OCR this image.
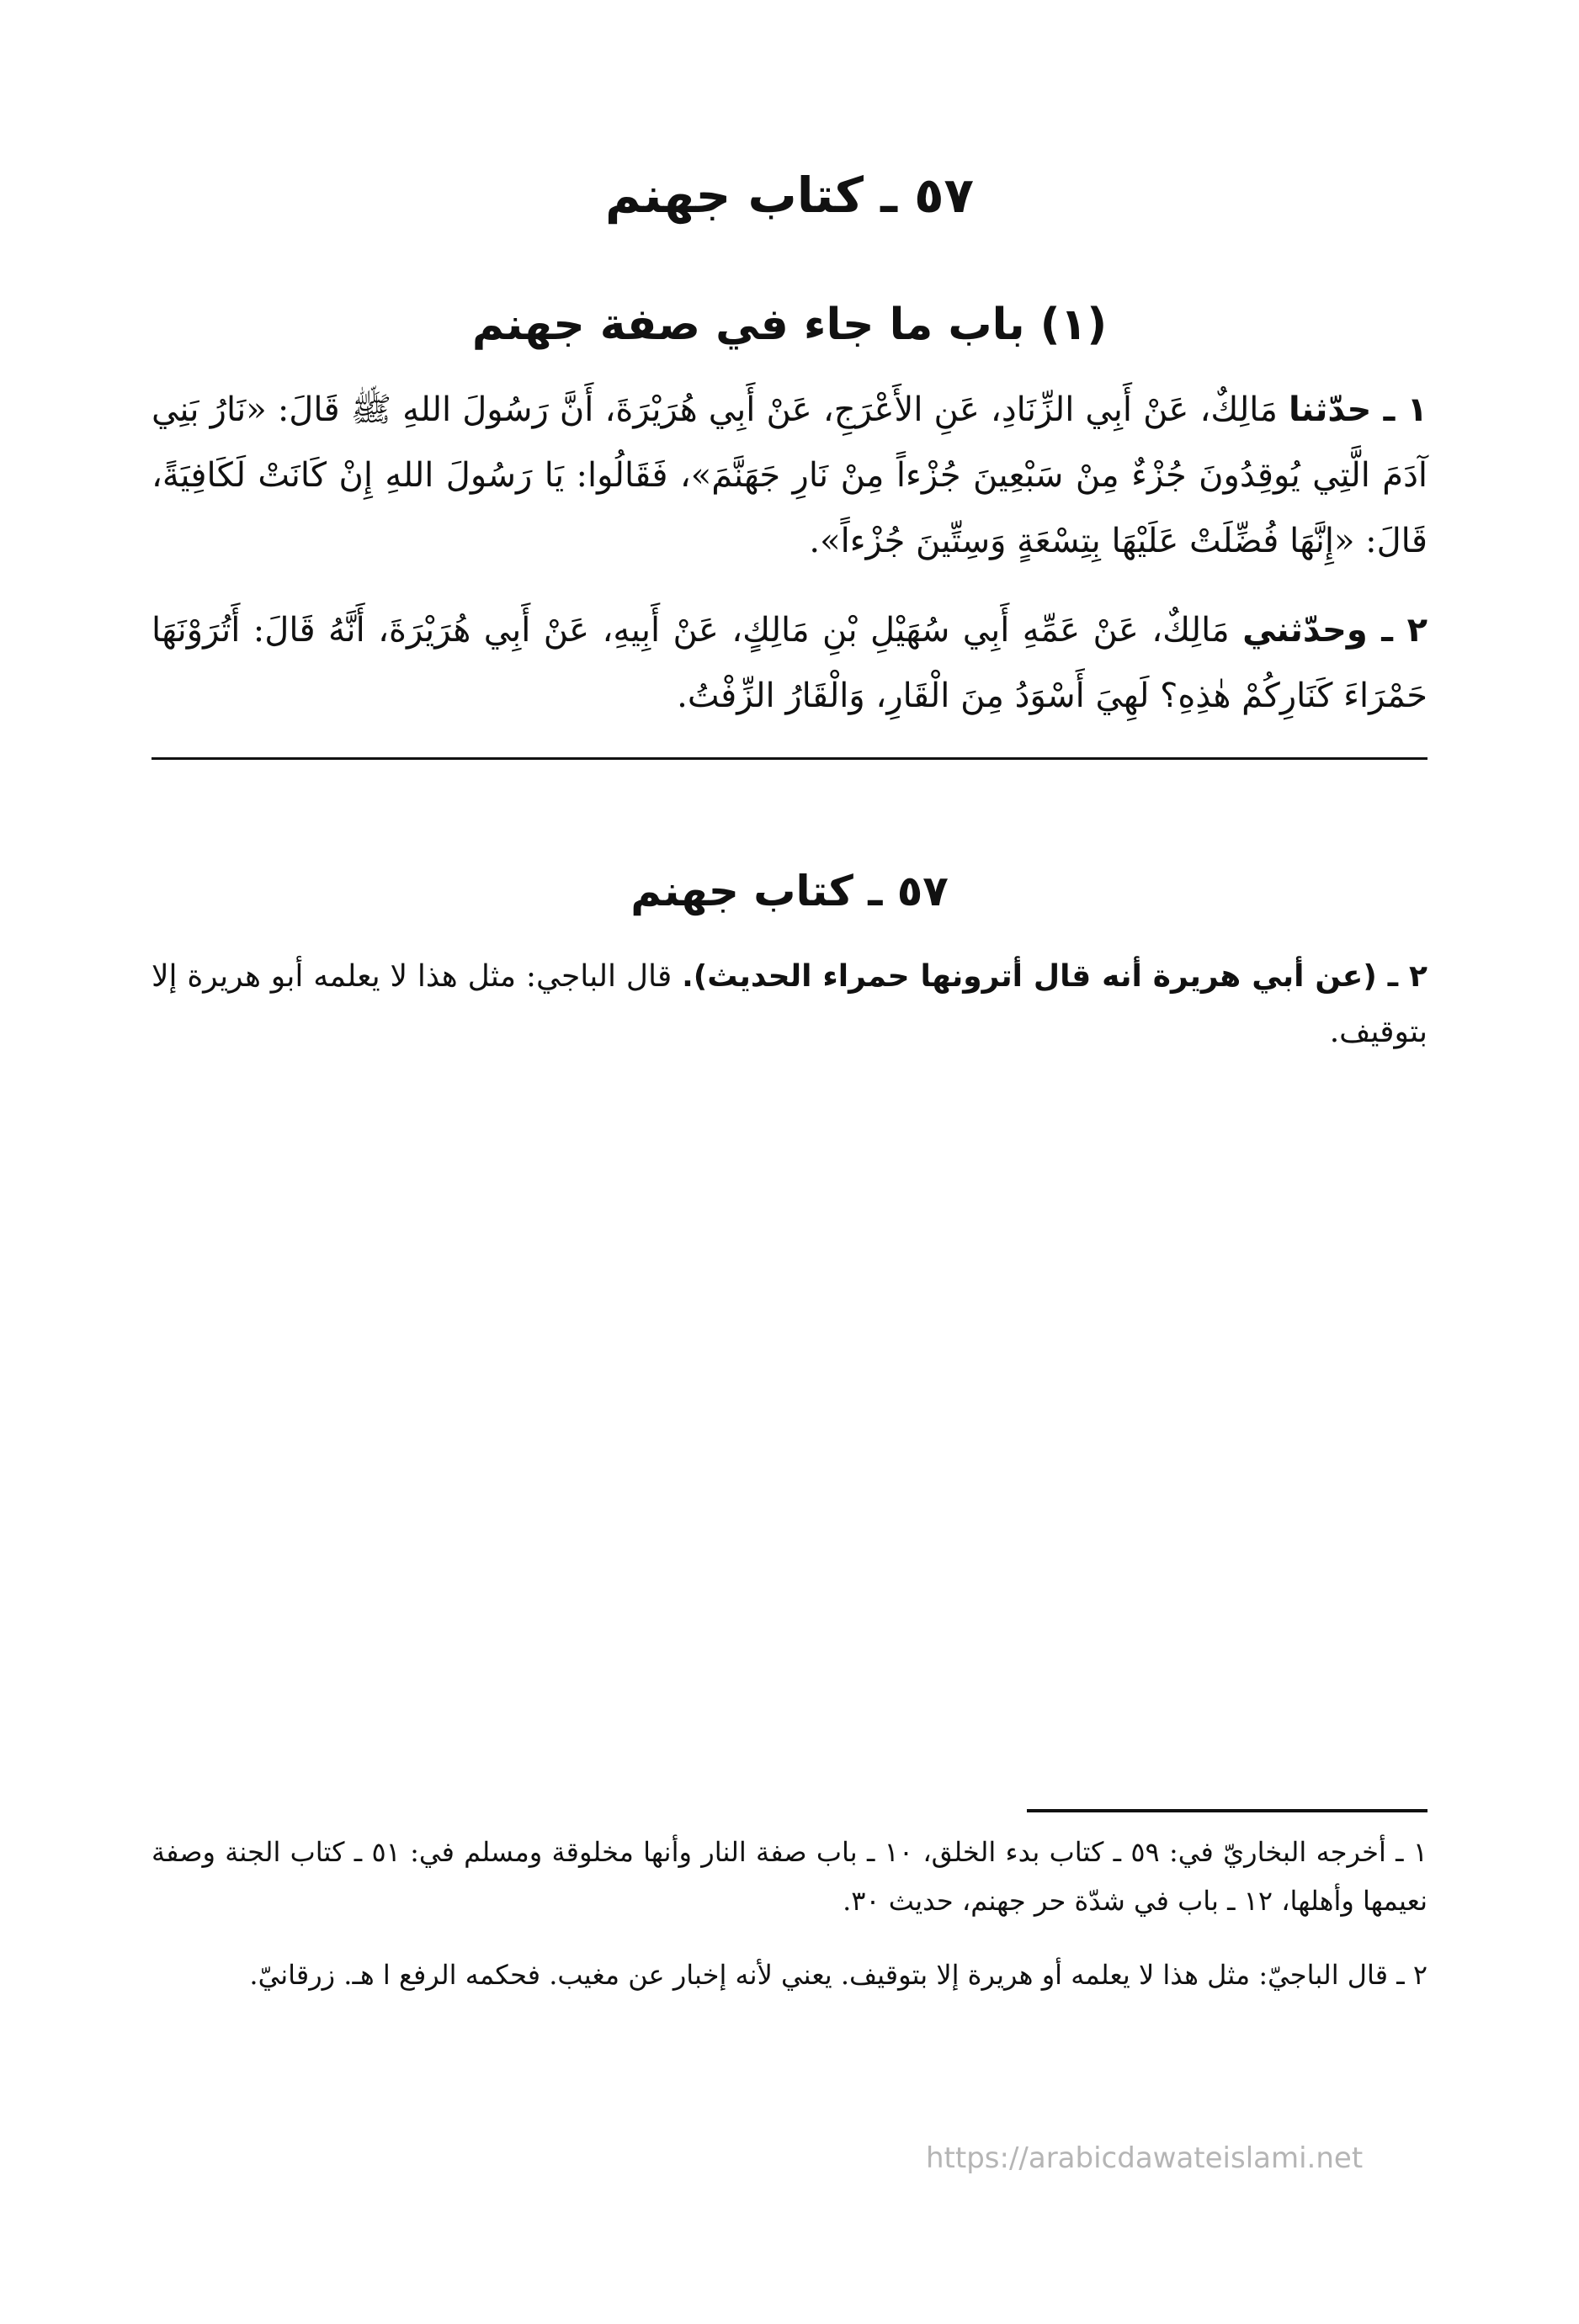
٥٧ ـ كتاب جهنم
(١) باب ما جاء في صفة جهنم
١ ـ حدّثنا مَالِكٌ، عَنْ أَبِي الزِّنَادِ، عَنِ الأَعْرَجِ، عَنْ أَبِي هُرَيْرَةَ، أَنَّ رَسُولَ اللهِ ﷺ قَالَ: «نَارُ بَنِي آدَمَ الَّتِي يُوقِدُونَ جُزْءٌ مِنْ سَبْعِينَ جُزْءاً مِنْ نَارِ جَهَنَّمَ»، فَقَالُوا: يَا رَسُولَ اللهِ إِنْ كَانَتْ لَكَافِيَةً، قَالَ: «إِنَّهَا فُضِّلَتْ عَلَيْهَا بِتِسْعَةٍ وَسِتِّينَ جُزْءاً».
٢ ـ وحدّثني مَالِكٌ، عَنْ عَمِّهِ أَبِي سُهَيْلِ بْنِ مَالِكٍ، عَنْ أَبِيهِ، عَنْ أَبِي هُرَيْرَةَ، أَنَّهُ قَالَ: أَتُرَوْنَهَا حَمْرَاءَ كَنَارِكُمْ هٰذِهِ؟ لَهِيَ أَسْوَدُ مِنَ الْقَارِ، وَالْقَارُ الزِّفْتُ.
٥٧ ـ كتاب جهنم
٢ ـ (عن أبي هريرة أنه قال أترونها حمراء الحديث). قال الباجي: مثل هذا لا يعلمه أبو هريرة إلا بتوقيف.
١ ـ أخرجه البخاريّ في: ٥٩ ـ كتاب بدء الخلق، ١٠ ـ باب صفة النار وأنها مخلوقة ومسلم في: ٥١ ـ كتاب الجنة وصفة نعيمها وأهلها، ١٢ ـ باب في شدّة حر جهنم، حديث ٣٠.
٢ ـ قال الباجيّ: مثل هذا لا يعلمه أو هريرة إلا بتوقيف. يعني لأنه إخبار عن مغيب. فحكمه الرفع ا هـ. زرقانيّ.
https://arabicdawateislami.net
